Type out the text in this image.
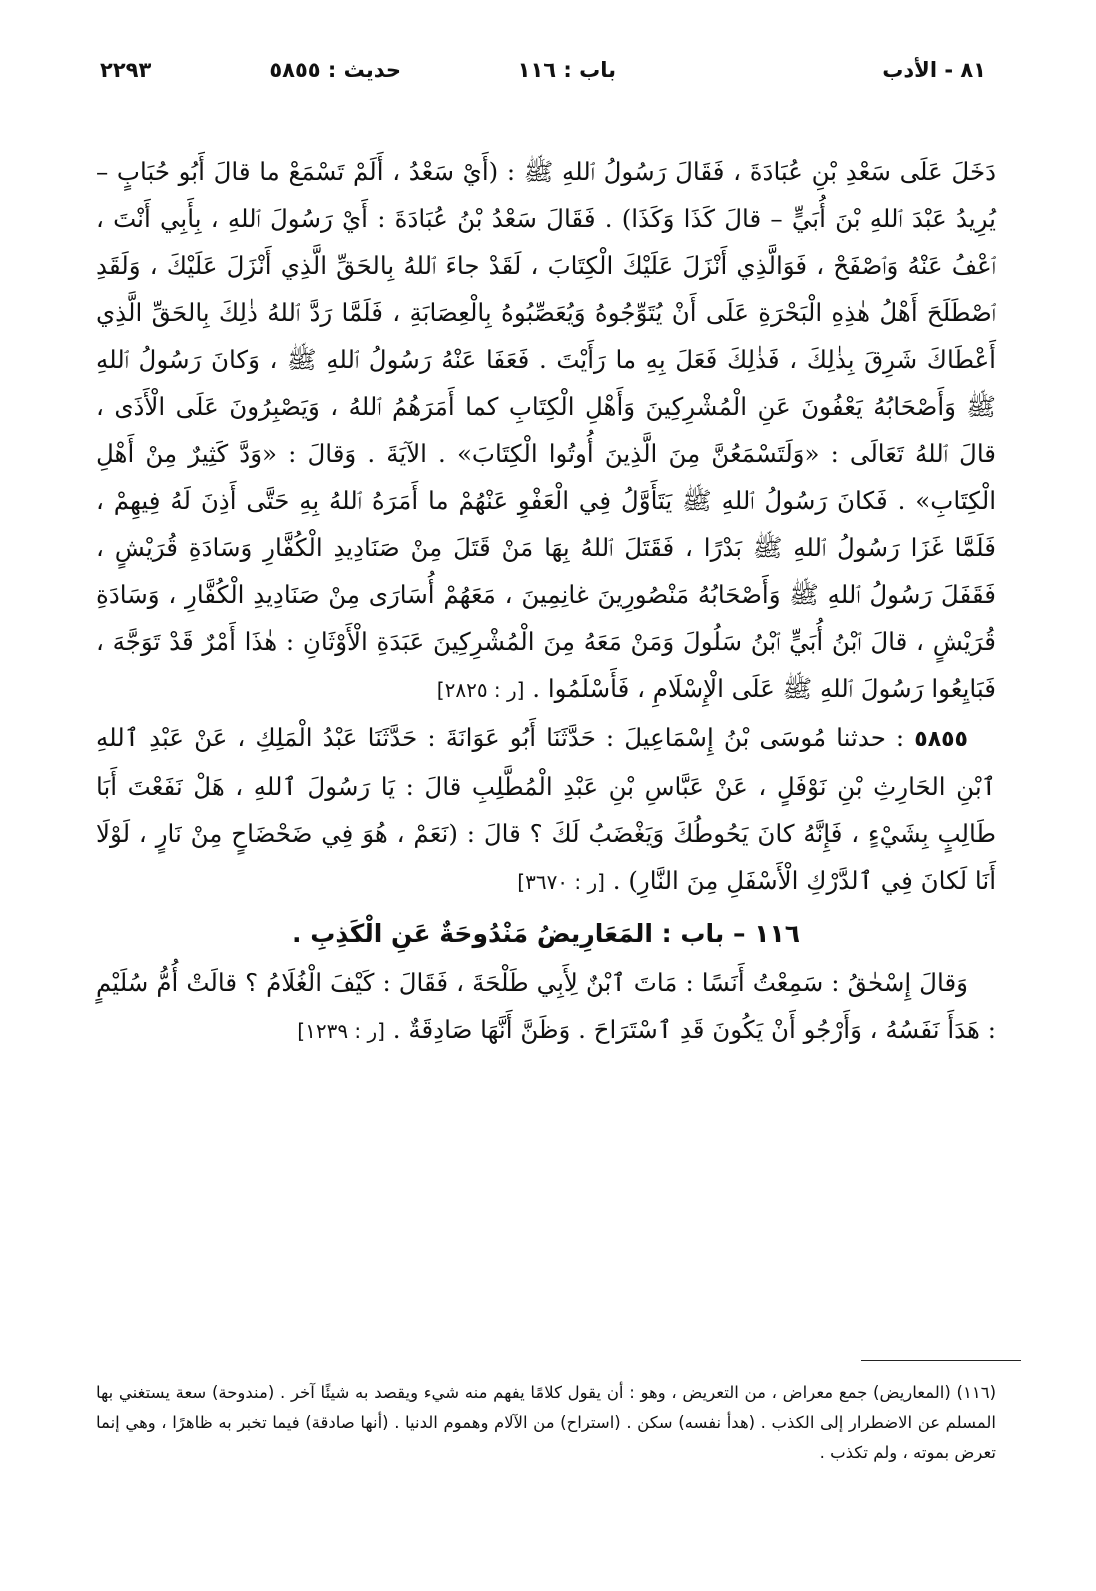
٨١ - الأدب
باب : ١١٦
حديث : ٥٨٥٥
٢٢٩٣

دَخَلَ عَلَى سَعْدِ بْنِ عُبَادَةَ ، فَقَالَ رَسُولُ ٱللهِ ﷺ : (أَيْ سَعْدُ ، أَلَمْ تَسْمَعْ ما قالَ أَبُو حُبَابٍ – يُرِيدُ عَبْدَ ٱللهِ بْنَ أُبَيٍّ – قالَ كَذَا وَكَذَا) . فَقَالَ سَعْدُ بْنُ عُبَادَةَ : أَيْ رَسُولَ ٱللهِ ، بِأَبِي أَنْتَ ، ٱعْفُ عَنْهُ وَٱصْفَحْ ، فَوَالَّذِي أَنْزَلَ عَلَيْكَ الْكِتَابَ ، لَقَدْ جاءَ ٱللهُ بِالحَقِّ الَّذِي أَنْزَلَ عَلَيْكَ ، وَلَقَدِ ٱصْطَلَحَ أَهْلُ هٰذِهِ الْبَحْرَةِ عَلَى أَنْ يُتَوِّجُوهُ وَيُعَصِّبُوهُ بِالْعِصَابَةِ ، فَلَمَّا رَدَّ ٱللهُ ذٰلِكَ بِالحَقِّ الَّذِي أَعْطَاكَ شَرِقَ بِذٰلِكَ ، فَذٰلِكَ فَعَلَ بِهِ ما رَأَيْتَ . فَعَفَا عَنْهُ رَسُولُ ٱللهِ ﷺ ، وَكانَ رَسُولُ ٱللهِ ﷺ وَأَصْحَابُهُ يَعْفُونَ عَنِ الْمُشْرِكِينَ وَأَهْلِ الْكِتَابِ كما أَمَرَهُمُ ٱللهُ ، وَيَصْبِرُونَ عَلَى الْأَذَى ، قالَ ٱللهُ تَعَالَى : «وَلَتَسْمَعُنَّ مِنَ الَّذِينَ أُوتُوا الْكِتَابَ» . الآيَةَ . وَقالَ : «وَدَّ كَثِيرٌ مِنْ أَهْلِ الْكِتَابِ» . فَكانَ رَسُولُ ٱللهِ ﷺ يَتَأَوَّلُ فِي الْعَفْوِ عَنْهُمْ ما أَمَرَهُ ٱللهُ بِهِ حَتَّى أَذِنَ لَهُ فِيهِمْ ، فَلَمَّا غَزَا رَسُولُ ٱللهِ ﷺ بَدْرًا ، فَقَتَلَ ٱللهُ بِهَا مَنْ قَتَلَ مِنْ صَنَادِيدِ الْكُفَّارِ وَسَادَةِ قُرَيْشٍ ، فَقَفَلَ رَسُولُ ٱللهِ ﷺ وَأَصْحَابُهُ مَنْصُورِينَ غانِمِينَ ، مَعَهُمْ أُسَارَى مِنْ صَنَادِيدِ الْكُفَّارِ ، وَسَادَةِ قُرَيْشٍ ، قالَ ٱبْنُ أُبَيٍّ ٱبْنُ سَلُولَ وَمَنْ مَعَهُ مِنَ الْمُشْرِكِينَ عَبَدَةِ الْأَوْثَانِ : هٰذَا أَمْرٌ قَدْ تَوَجَّهَ ، فَبَايِعُوا رَسُولَ ٱللهِ ﷺ عَلَى الْإِسْلَامِ ، فَأَسْلَمُوا . [ر : ٢٨٢٥]

٥٨٥٥ : حدثنا مُوسَى بْنُ إِسْمَاعِيلَ : حَدَّثَنَا أَبُو عَوَانَةَ : حَدَّثَنَا عَبْدُ الْمَلِكِ ، عَنْ عَبْدِ ٱللهِ ٱبْنِ الحَارِثِ بْنِ نَوْفَلٍ ، عَنْ عَبَّاسِ بْنِ عَبْدِ الْمُطَّلِبِ قالَ : يَا رَسُولَ ٱللهِ ، هَلْ نَفَعْتَ أَبَا طَالِبٍ بِشَيْءٍ ، فَإِنَّهُ كانَ يَحُوطُكَ وَيَغْضَبُ لَكَ ؟ قالَ : (نَعَمْ ، هُوَ فِي ضَحْضَاحٍ مِنْ نَارٍ ، لَوْلَا أَنَا لَكانَ فِي ٱلدَّرْكِ الْأَسْفَلِ مِنَ النَّارِ) . [ر : ٣٦٧٠]

١١٦ – باب : المَعَارِيضُ مَنْدُوحَةٌ عَنِ الْكَذِبِ .

وَقالَ إِسْحٰقُ : سَمِعْتُ أَنَسًا : مَاتَ ٱبْنٌ لِأَبِي طَلْحَةَ ، فَقَالَ : كَيْفَ الْغُلَامُ ؟ قالَتْ أُمُّ سُلَيْمٍ : هَدَأَ نَفَسُهُ ، وَأَرْجُو أَنْ يَكُونَ قَدِ ٱسْتَرَاحَ . وَظَنَّ أَنَّهَا صَادِقَةٌ . [ر : ١٢٣٩]

(١١٦) (المعاريض) جمع معراض ، من التعريض ، وهو : أن يقول كلامًا يفهم منه شيء ويقصد به شيئًا آخر . (مندوحة) سعة يستغني بها المسلم عن الاضطرار إلى الكذب . (هدأ نفسه) سكن . (استراح) من الآلام وهموم الدنيا . (أنها صادقة) فيما تخبر به ظاهرًا ، وهي إنما تعرض بموته ، ولم تكذب .
